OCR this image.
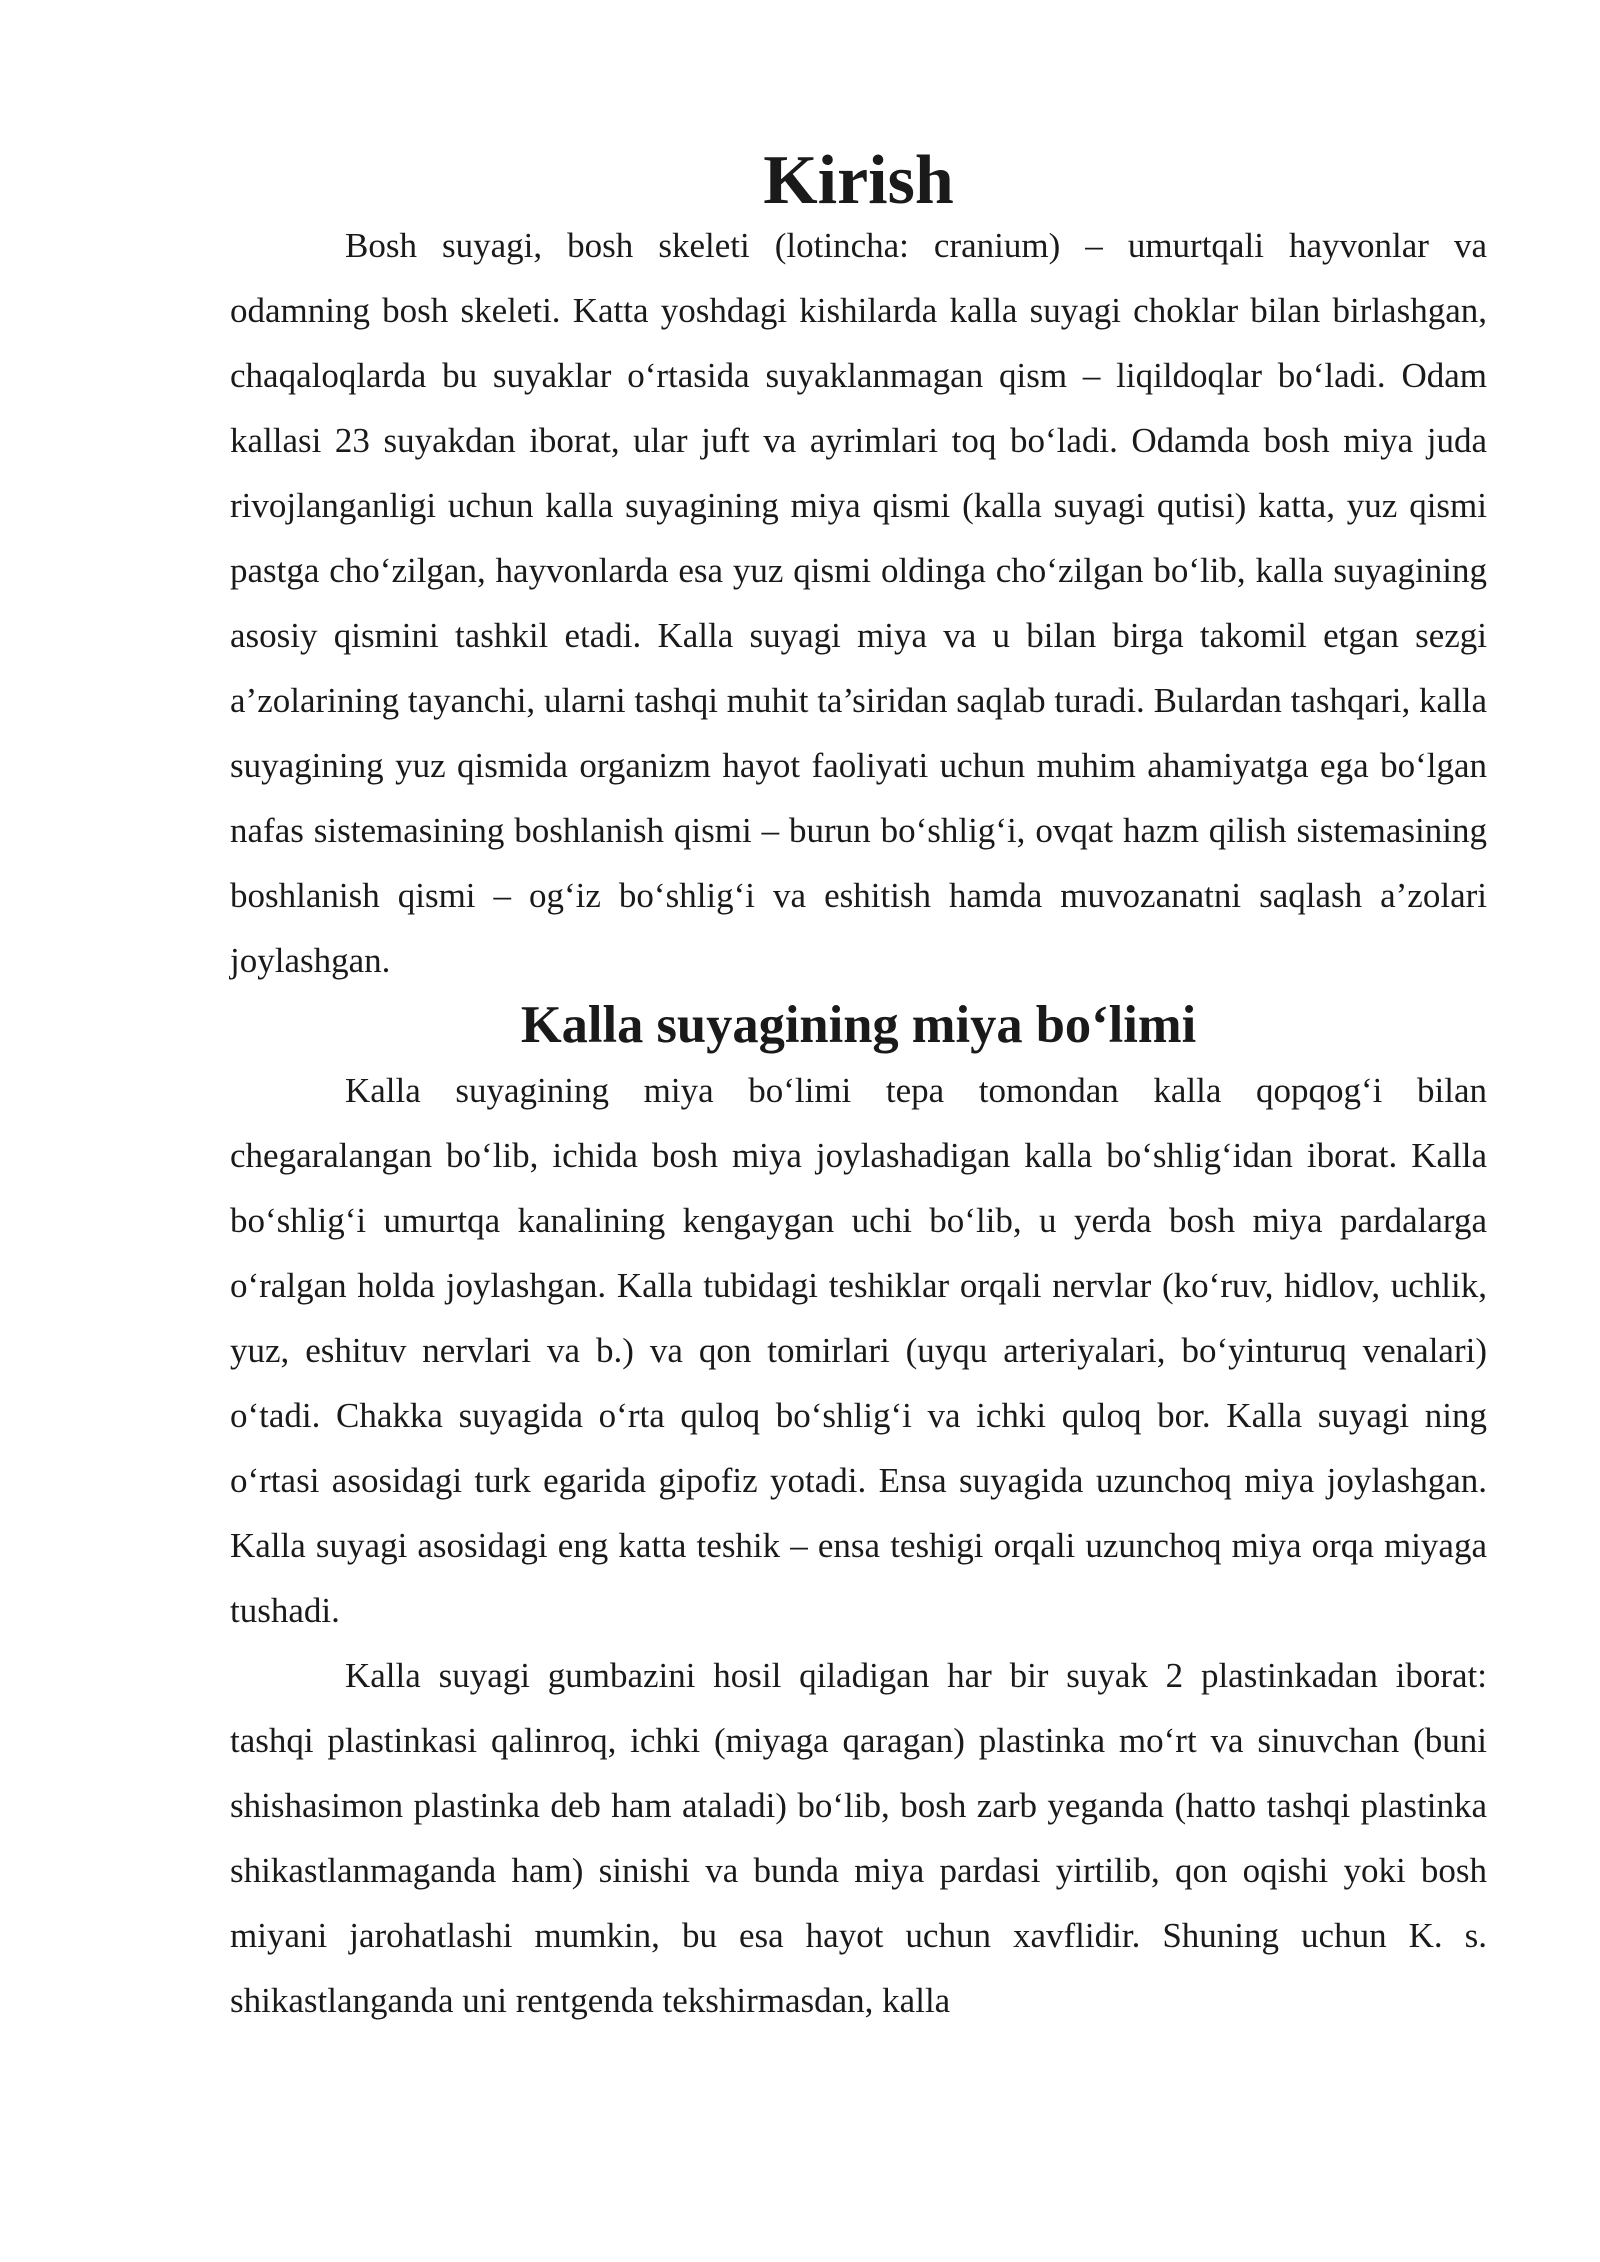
Kirish

Bosh suyagi, bosh skeleti (lotincha: cranium) – umurtqali hayvonlar va odamning bosh skeleti. Katta yoshdagi kishilarda kalla suyagi choklar bilan birlashgan, chaqaloqlarda bu suyaklar o‘rtasida suyaklanmagan qism – liqildoqlar bo‘ladi. Odam kallasi 23 suyakdan iborat, ular juft va ayrimlari toq bo‘ladi. Odamda bosh miya juda rivojlanganligi uchun kalla suyagining miya qismi (kalla suyagi qutisi) katta, yuz qismi pastga cho‘zilgan, hayvonlarda esa yuz qismi oldinga cho‘zilgan bo‘lib, kalla suyagining asosiy qismini tashkil etadi. Kalla suyagi miya va u bilan birga takomil etgan sezgi a’zolarining tayanchi, ularni tashqi muhit ta’siridan saqlab turadi. Bulardan tashqari, kalla suyagining yuz qismida organizm hayot faoliyati uchun muhim ahamiyatga ega bo‘lgan nafas sistemasining boshlanish qismi – burun bo‘shlig‘i, ovqat hazm qilish sistemasining boshlanish qismi – og‘iz bo‘shlig‘i va eshitish hamda muvozanatni saqlash a’zolari joylashgan.

Kalla suyagining miya bo‘limi

Kalla suyagining miya bo‘limi tepa tomondan kalla qopqog‘i bilan chegaralangan bo‘lib, ichida bosh miya joylashadigan kalla bo‘shlig‘idan iborat. Kalla bo‘shlig‘i umurtqa kanalining kengaygan uchi bo‘lib, u yerda bosh miya pardalarga o‘ralgan holda joylashgan. Kalla tubidagi teshiklar orqali nervlar (ko‘ruv, hidlov, uchlik, yuz, eshituv nervlari va b.) va qon tomirlari (uyqu arteriyalari, bo‘yinturuq venalari) o‘tadi. Chakka suyagida o‘rta quloq bo‘shlig‘i va ichki quloq bor. Kalla suyagi ning o‘rtasi asosidagi turk egarida gipofiz yotadi. Ensa suyagida uzunchoq miya joylashgan. Kalla suyagi asosidagi eng katta teshik – ensa teshigi orqali uzunchoq miya orqa miyaga tushadi.

Kalla suyagi gumbazini hosil qiladigan har bir suyak 2 plastinkadan iborat: tashqi plastinkasi qalinroq, ichki (miyaga qaragan) plastinka mo‘rt va sinuvchan (buni shishasimon plastinka deb ham ataladi) bo‘lib, bosh zarb yeganda (hatto tashqi plastinka shikastlanmaganda ham) sinishi va bunda miya pardasi yirtilib, qon oqishi yoki bosh miyani jarohatlashi mumkin, bu esa hayot uchun xavflidir. Shuning uchun K. s. shikastlanganda uni rentgenda tekshirmasdan, kalla
